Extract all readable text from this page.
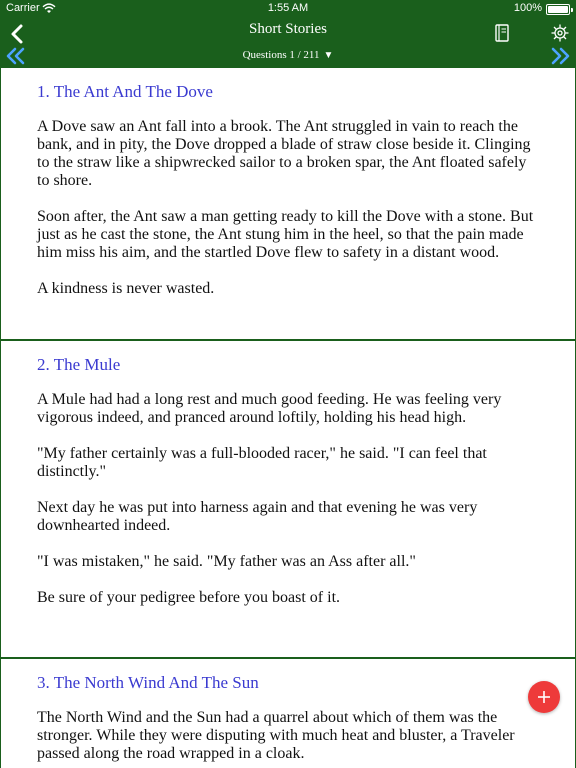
Carrier	1:55 AM	100%
Short Stories
Questions 1 / 211 ▼
1. The Ant And The Dove

A Dove saw an Ant fall into a brook. The Ant struggled in vain to reach the bank, and in pity, the Dove dropped a blade of straw close beside it. Clinging to the straw like a shipwrecked sailor to a broken spar, the Ant floated safely to shore.

Soon after, the Ant saw a man getting ready to kill the Dove with a stone. But just as he cast the stone, the Ant stung him in the heel, so that the pain made him miss his aim, and the startled Dove flew to safety in a distant wood.

A kindness is never wasted.

2. The Mule

A Mule had had a long rest and much good feeding. He was feeling very vigorous indeed, and pranced around loftily, holding his head high.

"My father certainly was a full-blooded racer," he said. "I can feel that distinctly."

Next day he was put into harness again and that evening he was very downhearted indeed.

"I was mistaken," he said. "My father was an Ass after all."

Be sure of your pedigree before you boast of it.

3. The North Wind And The Sun

The North Wind and the Sun had a quarrel about which of them was the stronger. While they were disputing with much heat and bluster, a Traveler passed along the road wrapped in a cloak.
